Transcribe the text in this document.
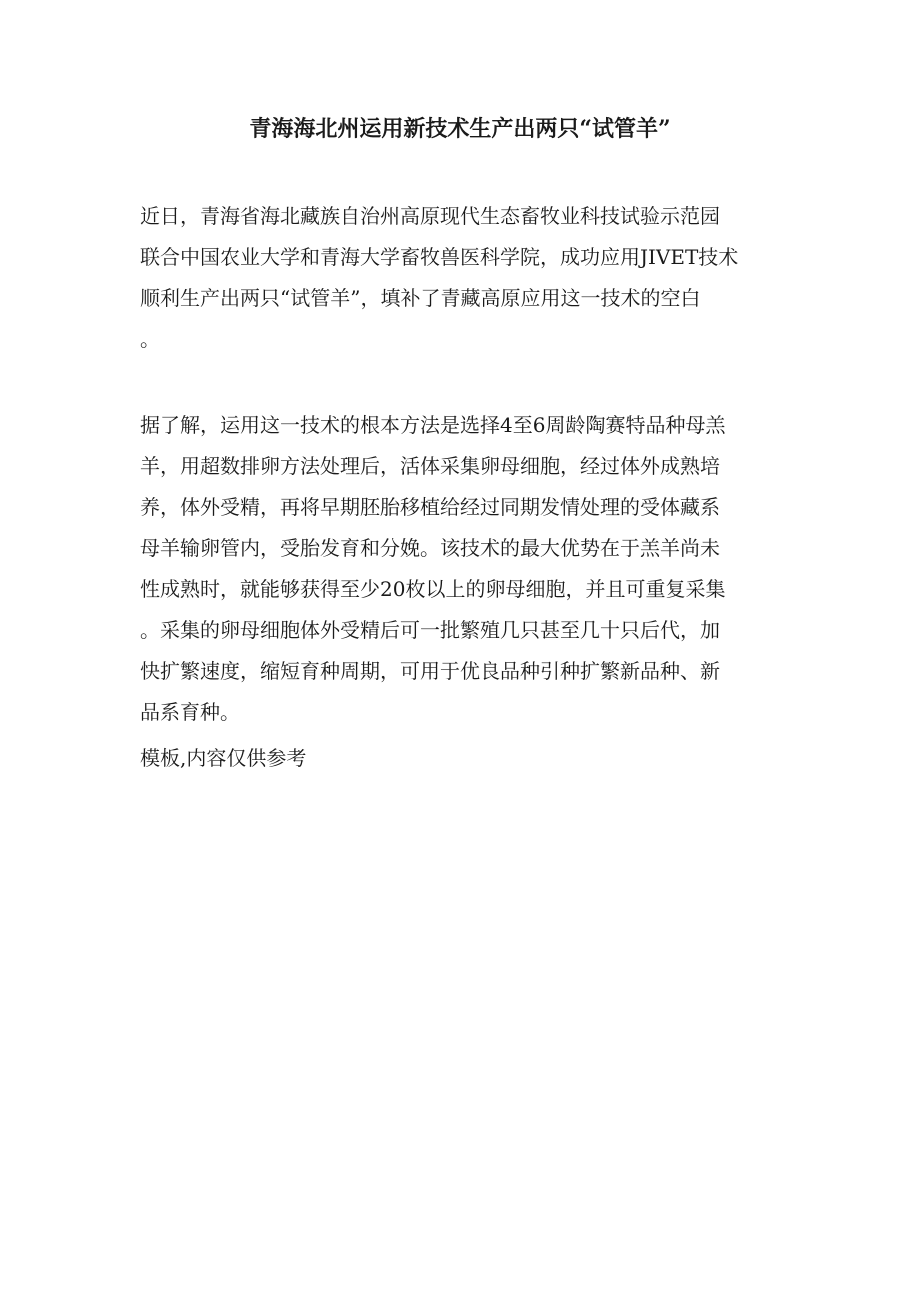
青海海北州运用新技术生产出两只“试管羊”
近日，青海省海北藏族自治州高原现代生态畜牧业科技试验示范园
联合中国农业大学和青海大学畜牧兽医科学院，成功应用JIVET技术
顺利生产出两只“试管羊”，填补了青藏高原应用这一技术的空白
。
据了解，运用这一技术的根本方法是选择4至6周龄陶赛特品种母羔
羊，用超数排卵方法处理后，活体采集卵母细胞，经过体外成熟培
养，体外受精，再将早期胚胎移植给经过同期发情处理的受体藏系
母羊输卵管内，受胎发育和分娩。该技术的最大优势在于羔羊尚未
性成熟时，就能够获得至少20枚以上的卵母细胞，并且可重复采集
。采集的卵母细胞体外受精后可一批繁殖几只甚至几十只后代，加
快扩繁速度，缩短育种周期，可用于优良品种引种扩繁新品种、新
品系育种。
模板,内容仅供参考
